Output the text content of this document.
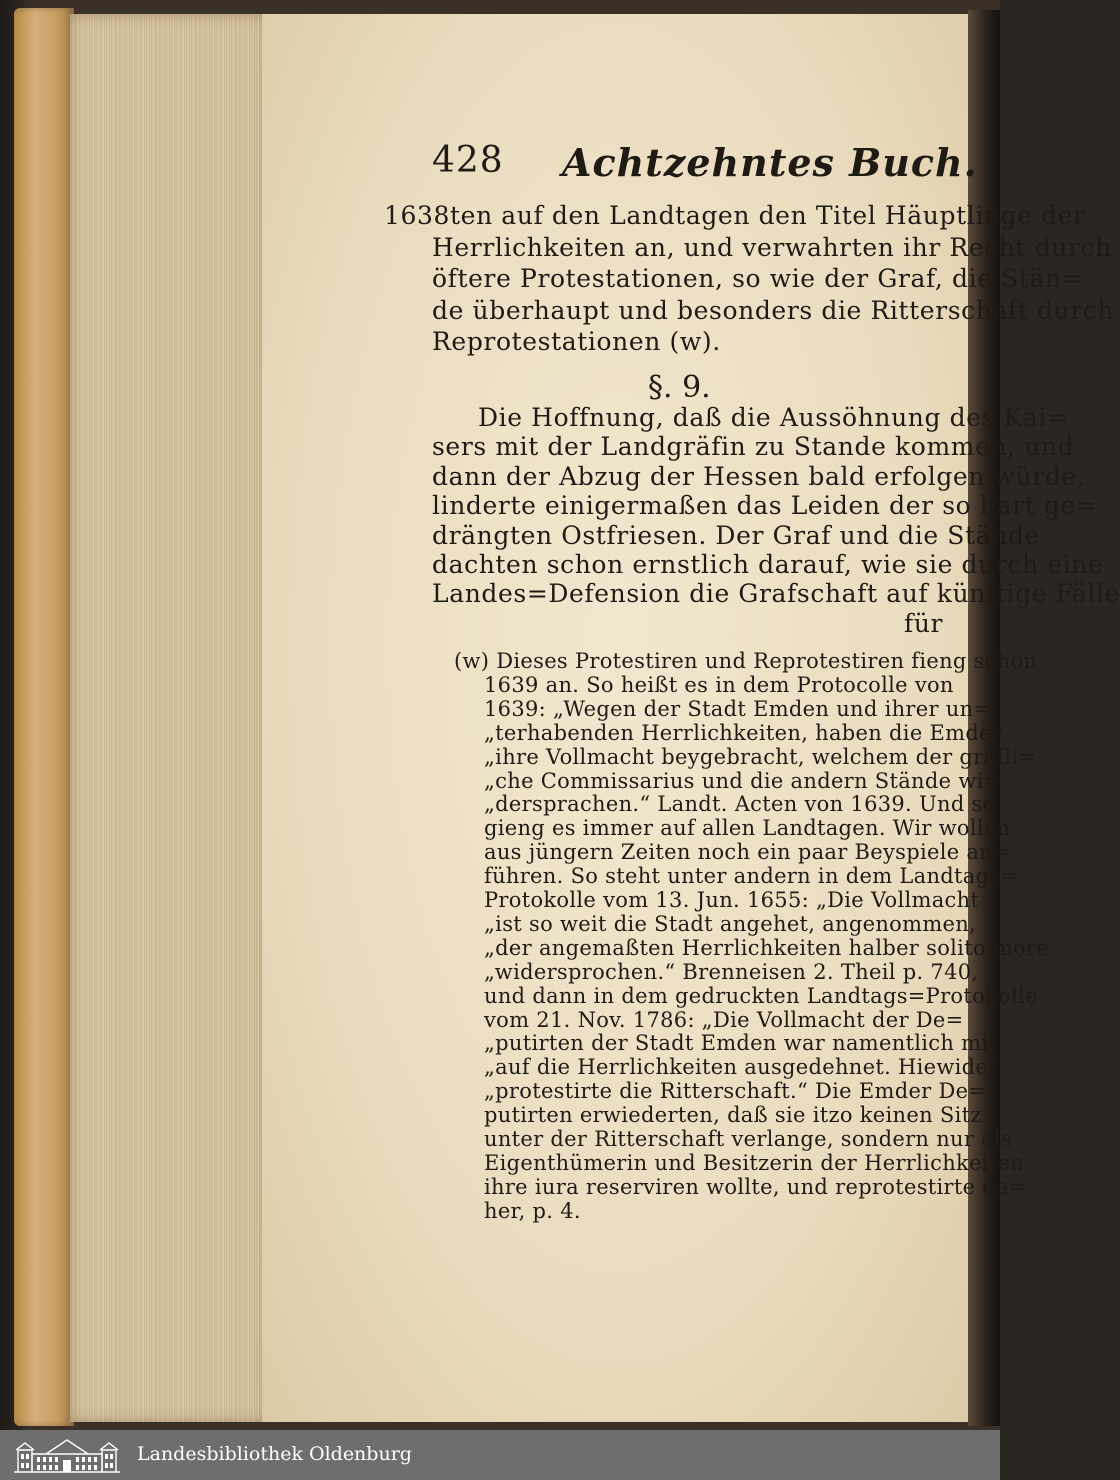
428 Achtzehntes Buch.
1638ten auf den Landtagen den Titel Häuptlinge der
Herrlichkeiten an, und verwahrten ihr Recht durch
öftere Protestationen, so wie der Graf, die Stän=
de überhaupt und besonders die Ritterschaft durch
Reprotestationen (w).
§. 9.
Die Hoffnung, daß die Aussöhnung des Kai=
sers mit der Landgräfin zu Stande kommen, und
dann der Abzug der Hessen bald erfolgen würde,
linderte einigermaßen das Leiden der so hart ge=
drängten Ostfriesen. Der Graf und die Stände
dachten schon ernstlich darauf, wie sie durch eine
Landes=Defension die Grafschaft auf künftige Fälle
für
(w) Dieses Protestiren und Reprotestiren fieng schon
1639 an. So heißt es in dem Protocolle von
1639: „Wegen der Stadt Emden und ihrer un=
„terhabenden Herrlichkeiten, haben die Emder
„ihre Vollmacht beygebracht, welchem der gräfli=
„che Commissarius und die andern Stände wi=
„dersprachen.“ Landt. Acten von 1639. Und so
gieng es immer auf allen Landtagen. Wir wollen
aus jüngern Zeiten noch ein paar Beyspiele an=
führen. So steht unter andern in dem Landtags=
Protokolle vom 13. Jun. 1655: „Die Vollmacht
„ist so weit die Stadt angehet, angenommen,
„der angemaßten Herrlichkeiten halber solito more
„widersprochen.“ Brenneisen 2. Theil p. 740,
und dann in dem gedruckten Landtags=Protokolle
vom 21. Nov. 1786: „Die Vollmacht der De=
„putirten der Stadt Emden war namentlich mit
„auf die Herrlichkeiten ausgedehnet. Hiewider
„protestirte die Ritterschaft.“ Die Emder De=
putirten erwiederten, daß sie itzo keinen Sitz
unter der Ritterschaft verlange, sondern nur als
Eigenthümerin und Besitzerin der Herrlichkeiten
ihre iura reserviren wollte, und reprotestirte da=
her, p. 4.
Landesbibliothek Oldenburg
